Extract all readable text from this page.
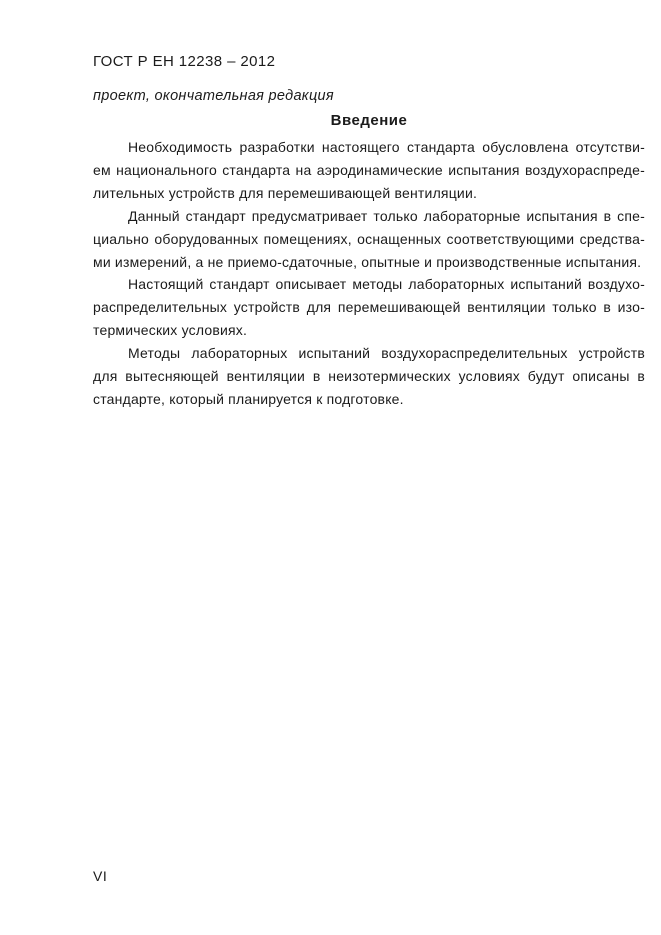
ГОСТ Р ЕН 12238 – 2012
проект, окончательная редакция
Введение

Необходимость разработки настоящего стандарта обусловлена отсутстви-
ем национального стандарта на аэродинамические испытания воздухораспреде-
лительных устройств для перемешивающей вентиляции.

Данный стандарт предусматривает только лабораторные испытания в спе-
циально оборудованных помещениях, оснащенных соответствующими средства-
ми измерений, а не приемо-сдаточные, опытные и производственные испытания.

Настоящий стандарт описывает методы лабораторных испытаний воздухо-
распределительных устройств для перемешивающей вентиляции только в изо-
термических условиях.

Методы лабораторных испытаний воздухораспределительных устройств
для вытесняющей вентиляции в неизотермических условиях будут описаны в
стандарте, который планируется к подготовке.

VI
